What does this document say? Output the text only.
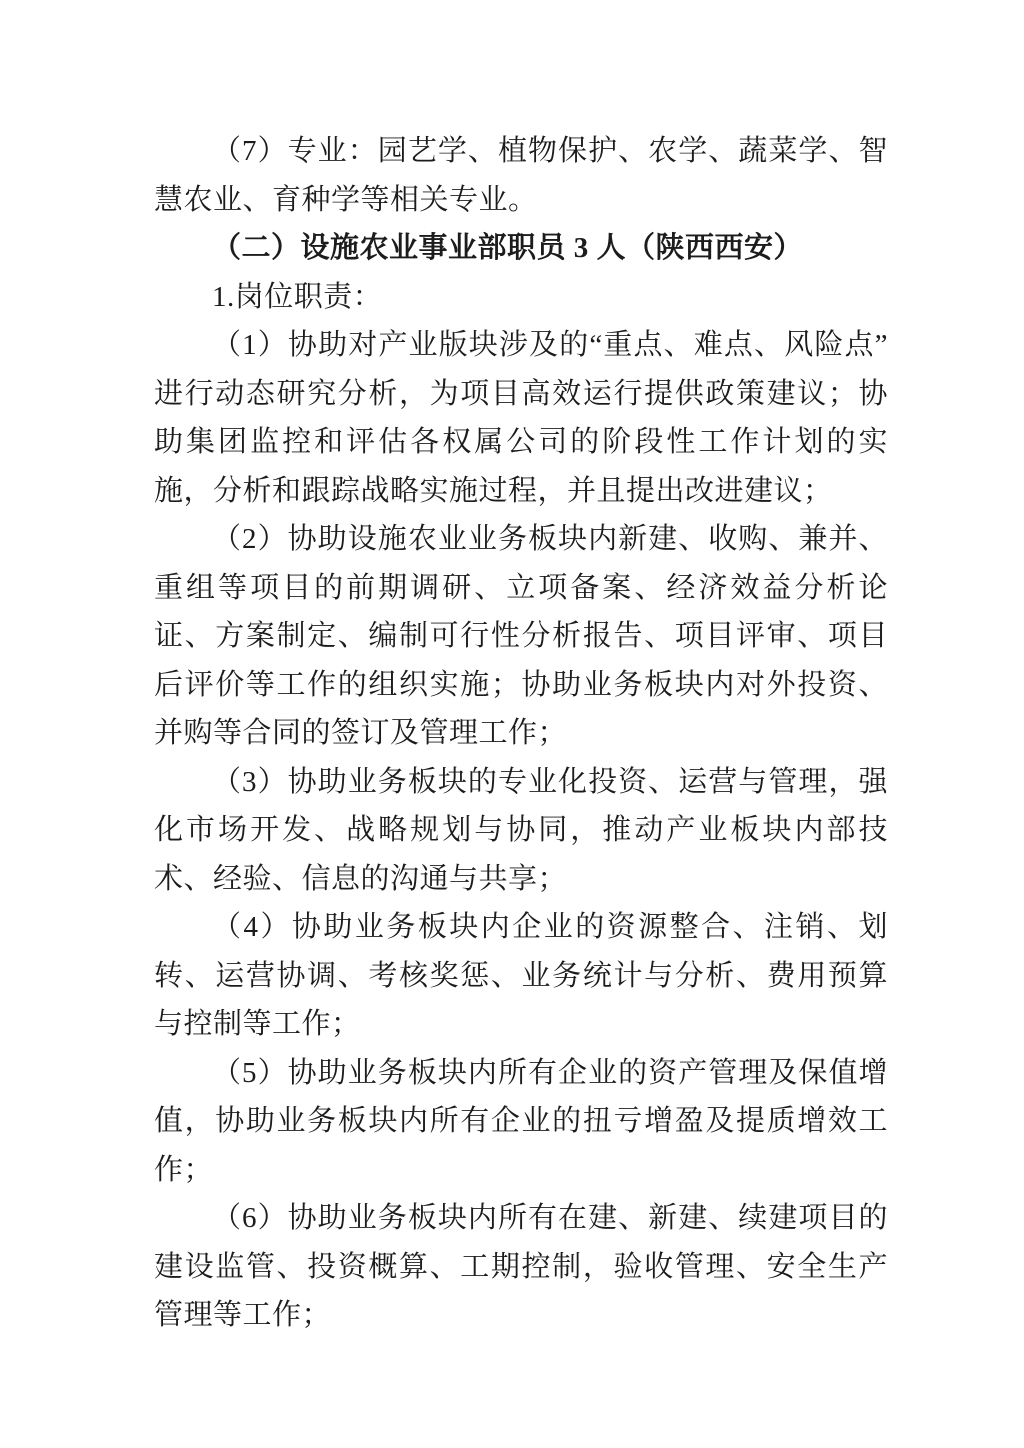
（7）专业：园艺学、植物保护、农学、蔬菜学、智慧农业、育种学等相关专业。

（二）设施农业事业部职员 3 人（陕西西安）

1.岗位职责：

（1）协助对产业版块涉及的“重点、难点、风险点”进行动态研究分析，为项目高效运行提供政策建议；协助集团监控和评估各权属公司的阶段性工作计划的实施，分析和跟踪战略实施过程，并且提出改进建议；

（2）协助设施农业业务板块内新建、收购、兼并、重组等项目的前期调研、立项备案、经济效益分析论证、方案制定、编制可行性分析报告、项目评审、项目后评价等工作的组织实施；协助业务板块内对外投资、并购等合同的签订及管理工作；

（3）协助业务板块的专业化投资、运营与管理，强化市场开发、战略规划与协同，推动产业板块内部技术、经验、信息的沟通与共享；

（4）协助业务板块内企业的资源整合、注销、划转、运营协调、考核奖惩、业务统计与分析、费用预算与控制等工作；

（5）协助业务板块内所有企业的资产管理及保值增值，协助业务板块内所有企业的扭亏增盈及提质增效工作；

（6）协助业务板块内所有在建、新建、续建项目的建设监管、投资概算、工期控制，验收管理、安全生产管理等工作；
